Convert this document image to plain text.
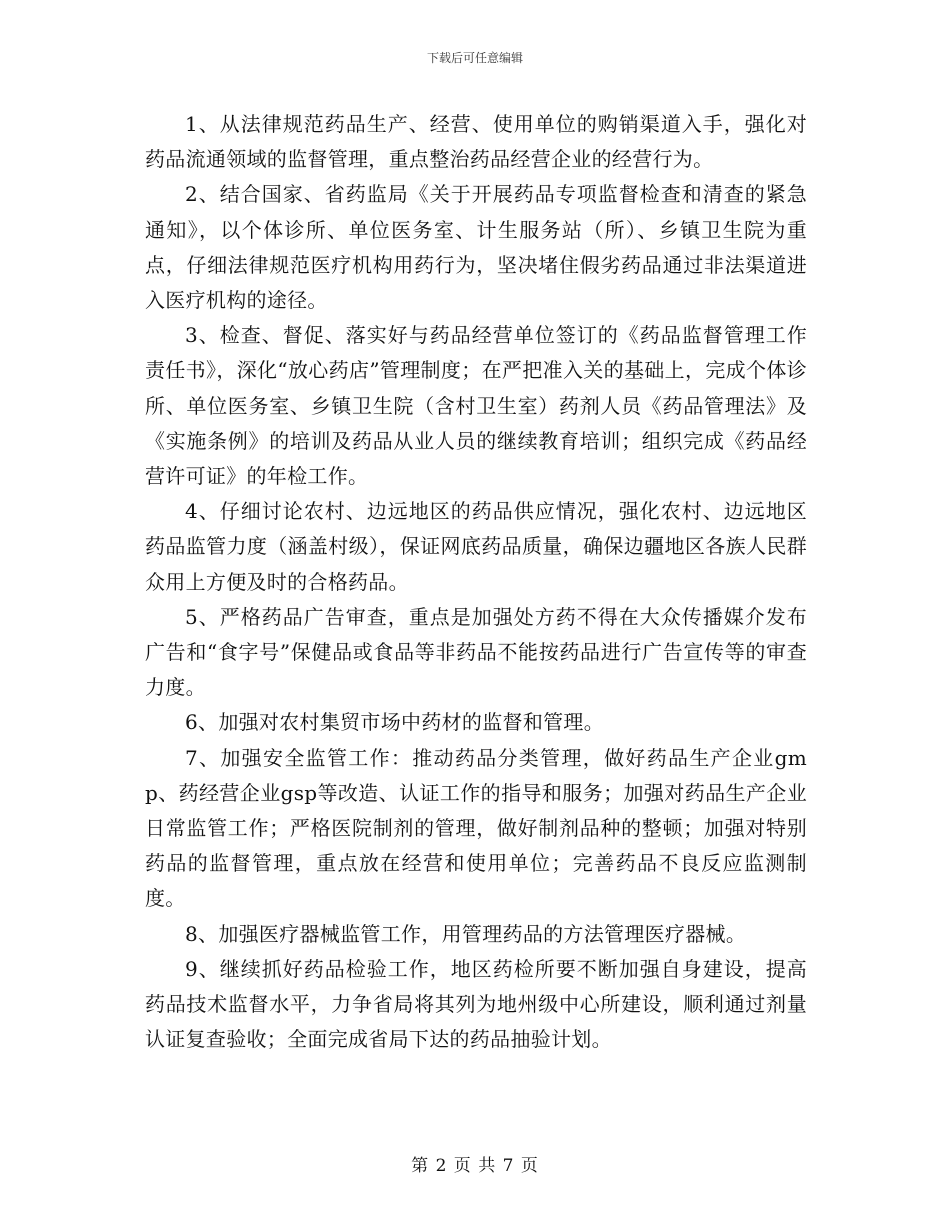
下载后可任意编辑

1、从法律规范药品生产、经营、使用单位的购销渠道入手，强化对药品流通领域的监督管理，重点整治药品经营企业的经营行为。

2、结合国家、省药监局《关于开展药品专项监督检查和清查的紧急通知》，以个体诊所、单位医务室、计生服务站（所）、乡镇卫生院为重点，仔细法律规范医疗机构用药行为，坚决堵住假劣药品通过非法渠道进入医疗机构的途径。

3、检查、督促、落实好与药品经营单位签订的《药品监督管理工作责任书》，深化“放心药店”管理制度；在严把准入关的基础上，完成个体诊所、单位医务室、乡镇卫生院（含村卫生室）药剂人员《药品管理法》及《实施条例》的培训及药品从业人员的继续教育培训；组织完成《药品经营许可证》的年检工作。

4、仔细讨论农村、边远地区的药品供应情况，强化农村、边远地区药品监管力度（涵盖村级），保证网底药品质量，确保边疆地区各族人民群众用上方便及时的合格药品。

5、严格药品广告审查，重点是加强处方药不得在大众传播媒介发布广告和“食字号”保健品或食品等非药品不能按药品进行广告宣传等的审查力度。

6、加强对农村集贸市场中药材的监督和管理。

7、加强安全监管工作：推动药品分类管理，做好药品生产企业gmp、药经营企业gsp等改造、认证工作的指导和服务；加强对药品生产企业日常监管工作；严格医院制剂的管理，做好制剂品种的整顿；加强对特别药品的监督管理，重点放在经营和使用单位；完善药品不良反应监测制度。

8、加强医疗器械监管工作，用管理药品的方法管理医疗器械。

9、继续抓好药品检验工作，地区药检所要不断加强自身建设，提高药品技术监督水平，力争省局将其列为地州级中心所建设，顺利通过剂量认证复查验收；全面完成省局下达的药品抽验计划。

第 2 页 共 7 页
